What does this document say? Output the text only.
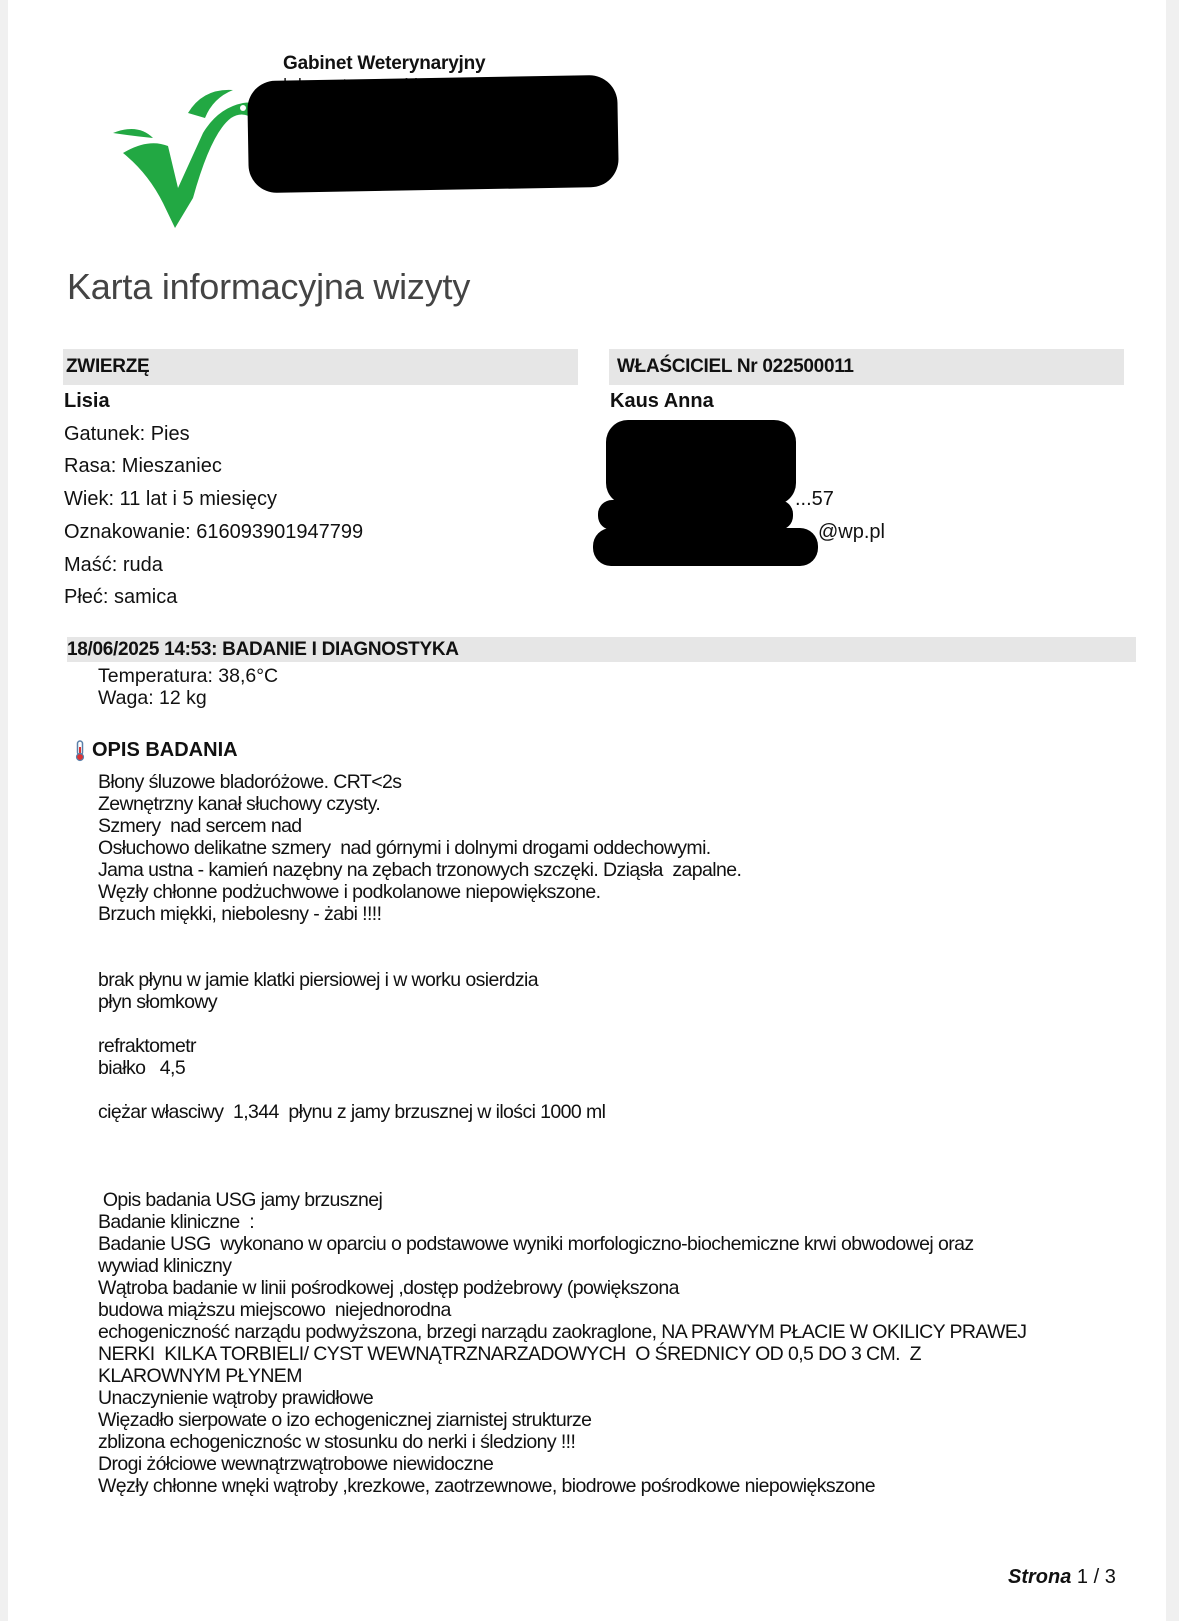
Gabinet Weterynaryjny
Karta informacyjna wizyty
ZWIERZĘ	WŁAŚCICIEL Nr 022500011
Lisia
Gatunek: Pies
Rasa: Mieszaniec
Wiek: 11 lat i 5 miesięcy
Oznakowanie: 616093901947799
Maść: ruda
Płeć: samica
Kaus Anna

...57
@wp.pl
18/06/2025 14:53: BADANIE I DIAGNOSTYKA
Temperatura: 38,6°C
Waga: 12 kg
OPIS BADANIA
Błony śluzowe bladoróżowe. CRT<2s
Zewnętrzny kanał słuchowy czysty.
Szmery  nad sercem nad
Osłuchowo delikatne szmery  nad górnymi i dolnymi drogami oddechowymi.
Jama ustna - kamień nazębny na zębach trzonowych szczęki. Dziąsła  zapalne.
Węzły chłonne podżuchwowe i podkolanowe niepowiększone.
Brzuch miękki, niebolesny - żabi !!!!
brak płynu w jamie klatki piersiowej i w worku osierdzia
płyn słomkowy
refraktometr
białko   4,5
ciężar własciwy  1,344  płynu z jamy brzusznej w ilości 1000 ml
Opis badania USG jamy brzusznej
Badanie kliniczne  :
Badanie USG  wykonano w oparciu o podstawowe wyniki morfologiczno-biochemiczne krwi obwodowej oraz
wywiad kliniczny
Wątroba badanie w linii pośrodkowej ,dostęp podżebrowy (powiększona
budowa miąższu miejscowo  niejednorodna
echogeniczność narządu podwyższona, brzegi narządu zaokraglone, NA PRAWYM PŁACIE W OKILICY PRAWEJ
NERKI  KILKA TORBIELI/ CYST WEWNĄTRZNARZADOWYCH  O ŚREDNICY OD 0,5 DO 3 CM.  Z
KLAROWNYM PŁYNEM
Unaczynienie wątroby prawidłowe
Więzadło sierpowate o izo echogenicznej ziarnistej strukturze
zblizona echogenicznośc w stosunku do nerki i śledziony !!!
Drogi żółciowe wewnątrzwątrobowe niewidoczne
Węzły chłonne wnęki wątroby ,krezkowe, zaotrzewnowe, biodrowe pośrodkowe niepowiększone
Strona 1 / 3
